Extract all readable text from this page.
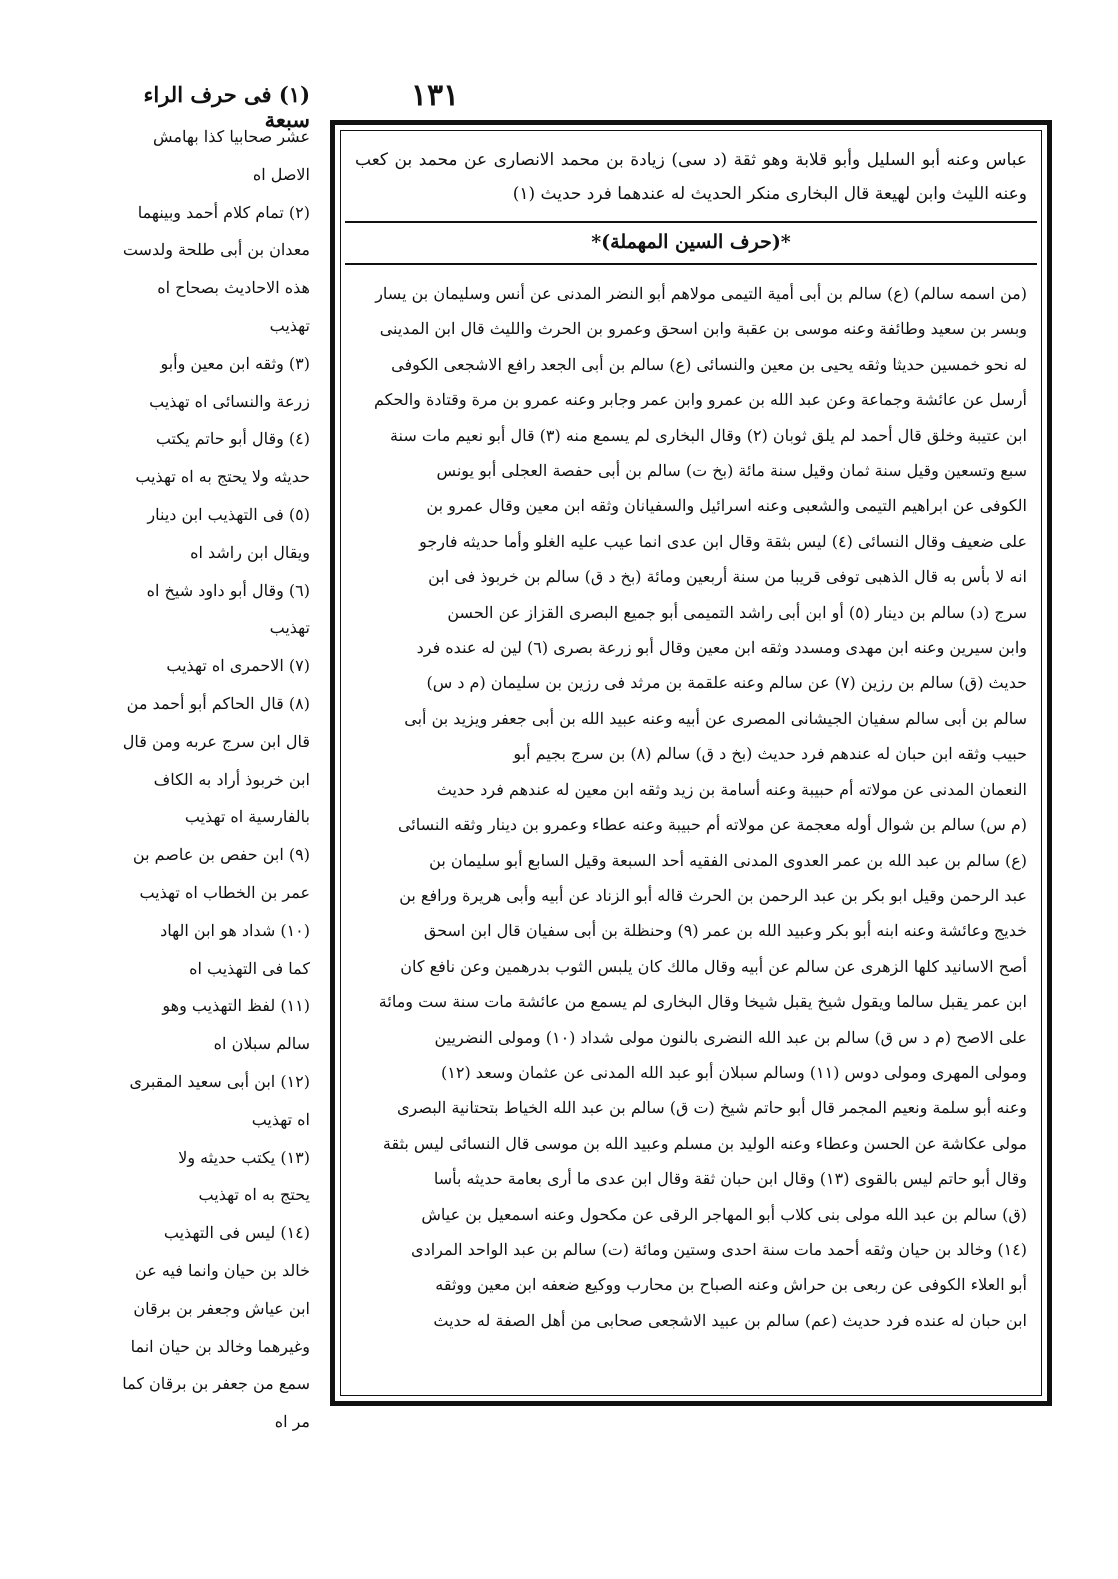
١٣١
(١) فى حرف الراء سبعة

عباس وعنه أبو السليل وأبو قلابة وهو ثقة (د سى) زيادة بن محمد الانصارى عن محمد بن كعب وعنه الليث وابن لهيعة قال البخارى منكر الحديث له عندهما فرد حديث (١)

*(حرف السين المهملة)*

(من اسمه سالم) (ع) سالم بن أبى أمية التيمى مولاهم أبو النضر المدنى عن أنس وسليمان بن يسار

وبسر بن سعيد وطائفة وعنه موسى بن عقبة وابن اسحق وعمرو بن الحرث والليث قال ابن المدينى

له نحو خمسين حديثا وثقه يحيى بن معين والنسائى (ع) سالم بن أبى الجعد رافع الاشجعى الكوفى

أرسل عن عائشة وجماعة وعن عبد الله بن عمرو وابن عمر وجابر وعنه عمرو بن مرة وقتادة والحكم

ابن عتيبة وخلق قال أحمد لم يلق ثوبان (٢) وقال البخارى لم يسمع منه (٣) قال أبو نعيم مات سنة

سبع وتسعين وقيل سنة ثمان وقيل سنة مائة (بخ ت) سالم بن أبى حفصة العجلى أبو يونس

الكوفى عن ابراهيم التيمى والشعبى وعنه اسرائيل والسفيانان وثقه ابن معين وقال عمرو بن

على ضعيف وقال النسائى (٤) ليس بثقة وقال ابن عدى انما عيب عليه الغلو وأما حديثه فارجو

انه لا بأس به قال الذهبى توفى قريبا من سنة أربعين ومائة (بخ د ق) سالم بن خربوذ فى ابن

سرج (د) سالم بن دينار (٥) أو ابن أبى راشد التميمى أبو جميع البصرى القزاز عن الحسن

وابن سيرين وعنه ابن مهدى ومسدد وثقه ابن معين وقال أبو زرعة بصرى (٦) لين له عنده فرد

حديث (ق) سالم بن رزين (٧) عن سالم وعنه علقمة بن مرثد فى رزين بن سليمان (م د س)

سالم بن أبى سالم سفيان الجيشانى المصرى عن أبيه وعنه عبيد الله بن أبى جعفر ويزيد بن أبى

حبيب وثقه ابن حبان له عندهم فرد حديث (بخ د ق) سالم (٨) بن سرج بجيم أبو

النعمان المدنى عن مولاته أم حبيبة وعنه أسامة بن زيد وثقه ابن معين له عندهم فرد حديث

(م س) سالم بن شوال أوله معجمة عن مولاته أم حبيبة وعنه عطاء وعمرو بن دينار وثقه النسائى

(ع) سالم بن عبد الله بن عمر العدوى المدنى الفقيه أحد السبعة وقيل السابع أبو سليمان بن

عبد الرحمن وقيل ابو بكر بن عبد الرحمن بن الحرث قاله أبو الزناد عن أبيه وأبى هريرة ورافع بن

خديج وعائشة وعنه ابنه أبو بكر وعبيد الله بن عمر (٩) وحنظلة بن أبى سفيان قال ابن اسحق

أصح الاسانيد كلها الزهرى عن سالم عن أبيه وقال مالك كان يلبس الثوب بدرهمين وعن نافع كان

ابن عمر يقبل سالما ويقول شيخ يقبل شيخا وقال البخارى لم يسمع من عائشة مات سنة ست ومائة

على الاصح (م د س ق) سالم بن عبد الله النضرى بالنون مولى شداد (١٠) ومولى النضريين

ومولى المهرى ومولى دوس (١١) وسالم سبلان أبو عبد الله المدنى عن عثمان وسعد (١٢)

وعنه أبو سلمة ونعيم المجمر قال أبو حاتم شيخ (ت ق) سالم بن عبد الله الخياط بتحتانية البصرى

مولى عكاشة عن الحسن وعطاء وعنه الوليد بن مسلم وعبيد الله بن موسى قال النسائى ليس بثقة

وقال أبو حاتم ليس بالقوى (١٣) وقال ابن حبان ثقة وقال ابن عدى ما أرى بعامة حديثه بأسا

(ق) سالم بن عبد الله مولى بنى كلاب أبو المهاجر الرقى عن مكحول وعنه اسمعيل بن عياش

(١٤) وخالد بن حيان وثقه أحمد مات سنة احدى وستين ومائة (ت) سالم بن عبد الواحد المرادى

أبو العلاء الكوفى عن ربعى بن حراش وعنه الصباح بن محارب ووكيع ضعفه ابن معين ووثقه

ابن حبان له عنده فرد حديث (عم) سالم بن عبيد الاشجعى صحابى من أهل الصفة له حديث

عشر صحابيا كذا بهامش

الاصل اه

(٢) تمام كلام أحمد وبينهما

معدان بن أبى طلحة ولدست

هذه الاحاديث بصحاح اه

تهذيب

(٣) وثقه ابن معين وأبو

زرعة والنسائى اه تهذيب

(٤) وقال أبو حاتم يكتب

حديثه ولا يحتج به اه تهذيب

(٥) فى التهذيب ابن دينار

ويقال ابن راشد اه

(٦) وقال أبو داود شيخ اه

تهذيب

(٧) الاحمرى اه تهذيب

(٨) قال الحاكم أبو أحمد من

قال ابن سرج عربه ومن قال

ابن خربوذ أراد به الكاف

بالفارسية اه تهذيب

(٩) ابن حفص بن عاصم بن

عمر بن الخطاب اه تهذيب

(١٠) شداد هو ابن الهاد

كما فى التهذيب اه

(١١) لفظ التهذيب وهو

سالم سبلان اه

(١٢) ابن أبى سعيد المقبرى

اه تهذيب

(١٣) يكتب حديثه ولا

يحتج به اه تهذيب

(١٤) ليس فى التهذيب

خالد بن حيان وانما فيه عن

ابن عياش وجعفر بن برقان

وغيرهما وخالد بن حيان انما

سمع من جعفر بن برقان كما

مر اه
